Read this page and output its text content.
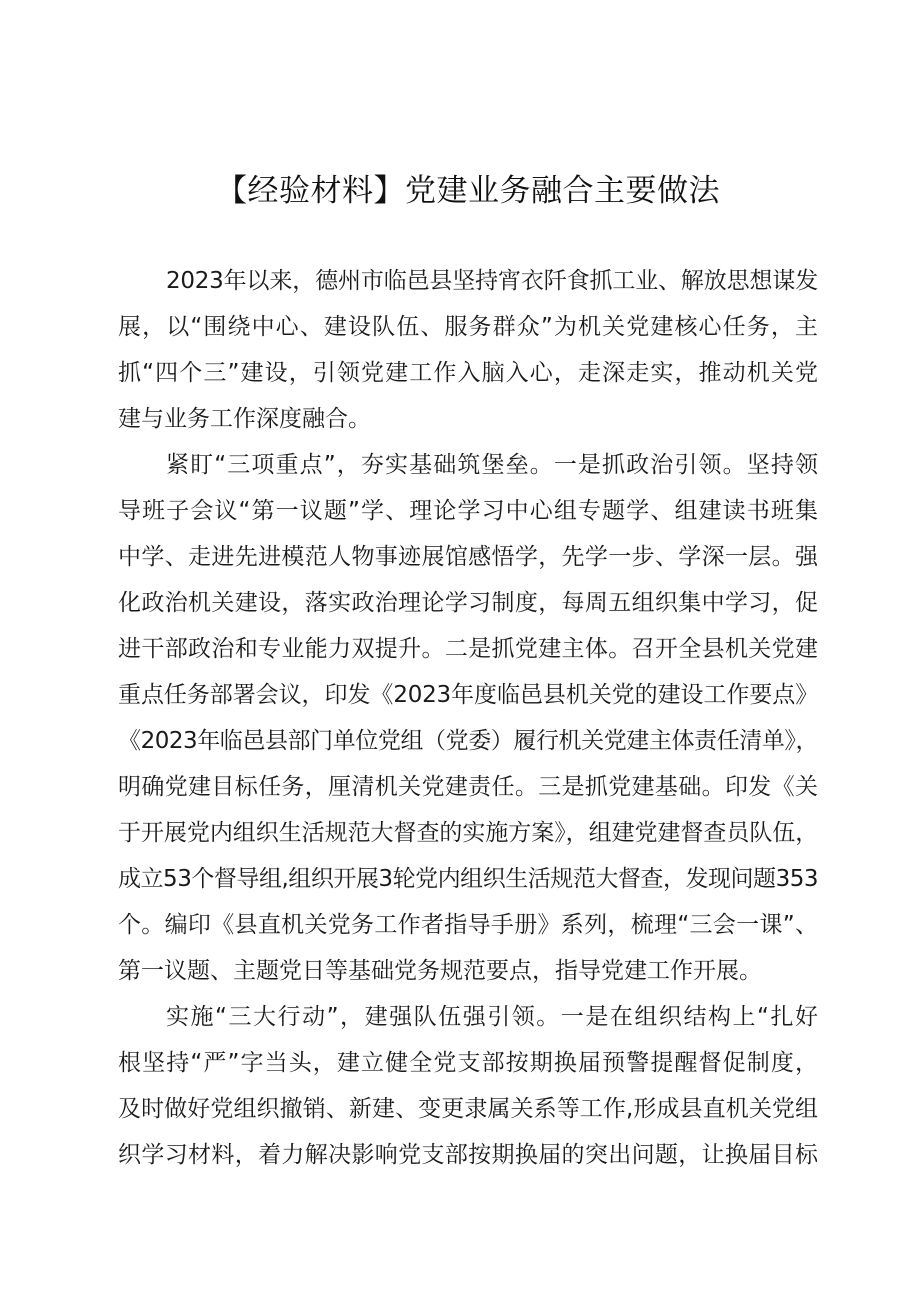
【经验材料】党建业务融合主要做法
2023年以来，德州市临邑县坚持宵衣阡食抓工业、解放思想谋发
展，以“围绕中心、建设队伍、服务群众”为机关党建核心任务，主
抓“四个三”建设，引领党建工作入脑入心，走深走实，推动机关党
建与业务工作深度融合。
紧盯“三项重点”，夯实基础筑堡垒。一是抓政治引领。坚持领
导班子会议“第一议题”学、理论学习中心组专题学、组建读书班集
中学、走进先进模范人物事迹展馆感悟学，先学一步、学深一层。强
化政治机关建设，落实政治理论学习制度，每周五组织集中学习，促
进干部政治和专业能力双提升。二是抓党建主体。召开全县机关党建
重点任务部署会议，印发《2023年度临邑县机关党的建设工作要点》
《2023年临邑县部门单位党组（党委）履行机关党建主体责任清单》，
明确党建目标任务，厘清机关党建责任。三是抓党建基础。印发《关
于开展党内组织生活规范大督查的实施方案》，组建党建督查员队伍，
成立53个督导组,组织开展3轮党内组织生活规范大督查，发现问题353
个。编印《县直机关党务工作者指导手册》系列，梳理“三会一课”、
第一议题、主题党日等基础党务规范要点，指导党建工作开展。
实施“三大行动”，建强队伍强引领。一是在组织结构上“扎好
根坚持“严”字当头，建立健全党支部按期换届预警提醒督促制度，
及时做好党组织撤销、新建、变更隶属关系等工作,形成县直机关党组
织学习材料，着力解决影响党支部按期换届的突出问题，让换届目标
